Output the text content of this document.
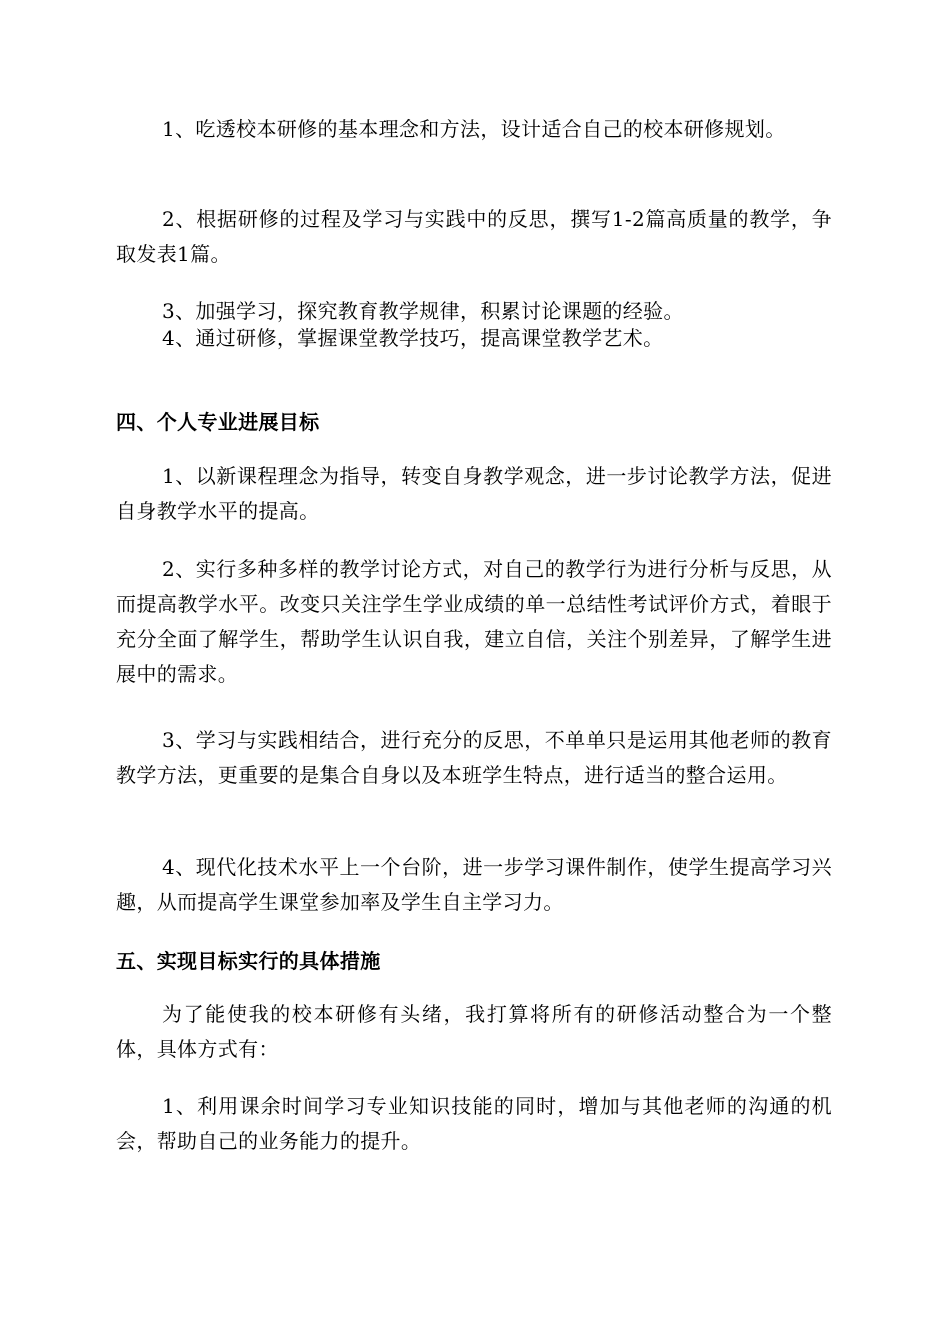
1、吃透校本研修的基本理念和方法，设计适合自己的校本研修规划。

2、根据研修的过程及学习与实践中的反思，撰写1-2篇高质量的教学，争取发表1篇。

3、加强学习，探究教育教学规律，积累讨论课题的经验。

4、通过研修，掌握课堂教学技巧，提高课堂教学艺术。

四、个人专业进展目标

1、以新课程理念为指导，转变自身教学观念，进一步讨论教学方法，促进自身教学水平的提高。

2、实行多种多样的教学讨论方式，对自己的教学行为进行分析与反思，从而提高教学水平。改变只关注学生学业成绩的单一总结性考试评价方式，着眼于充分全面了解学生，帮助学生认识自我，建立自信，关注个别差异，了解学生进展中的需求。

3、学习与实践相结合，进行充分的反思，不单单只是运用其他老师的教育教学方法，更重要的是集合自身以及本班学生特点，进行适当的整合运用。

4、现代化技术水平上一个台阶，进一步学习课件制作，使学生提高学习兴趣，从而提高学生课堂参加率及学生自主学习力。

五、实现目标实行的具体措施

为了能使我的校本研修有头绪，我打算将所有的研修活动整合为一个整体，具体方式有：

1、利用课余时间学习专业知识技能的同时，增加与其他老师的沟通的机会，帮助自己的业务能力的提升。
